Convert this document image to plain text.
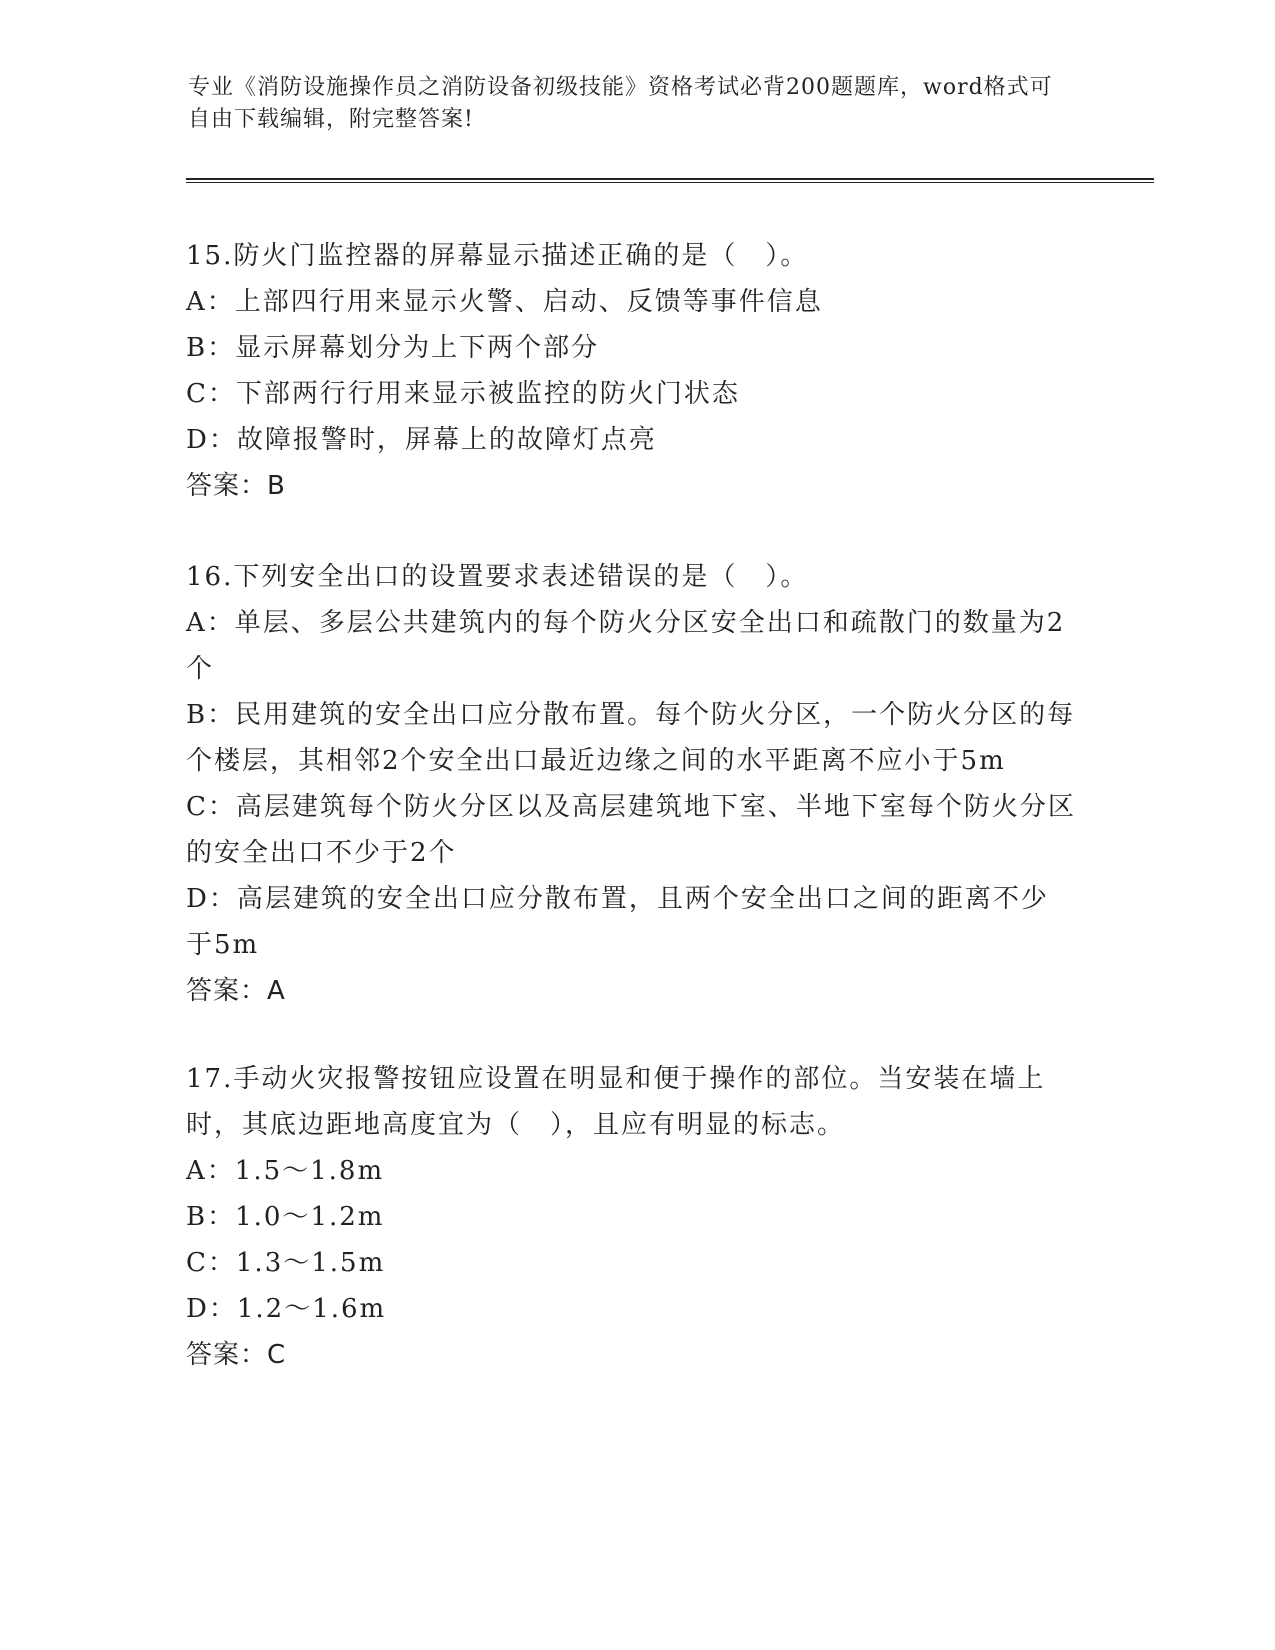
专业《消防设施操作员之消防设备初级技能》资格考试必背200题题库，word格式可自由下载编辑，附完整答案!
15.防火门监控器的屏幕显示描述正确的是（　）。
A：上部四行用来显示火警、启动、反馈等事件信息
B：显示屏幕划分为上下两个部分
C：下部两行行用来显示被监控的防火门状态
D：故障报警时，屏幕上的故障灯点亮
答案：B
16.下列安全出口的设置要求表述错误的是（　）。
A：单层、多层公共建筑内的每个防火分区安全出口和疏散门的数量为2个
B：民用建筑的安全出口应分散布置。每个防火分区，一个防火分区的每个楼层，其相邻2个安全出口最近边缘之间的水平距离不应小于5m
C：高层建筑每个防火分区以及高层建筑地下室、半地下室每个防火分区的安全出口不少于2个
D：高层建筑的安全出口应分散布置，且两个安全出口之间的距离不少于5m
答案：A
17.手动火灾报警按钮应设置在明显和便于操作的部位。当安装在墙上时，其底边距地高度宜为（　），且应有明显的标志。
A：1.5～1.8m
B：1.0～1.2m
C：1.3～1.5m
D：1.2～1.6m
答案：C
